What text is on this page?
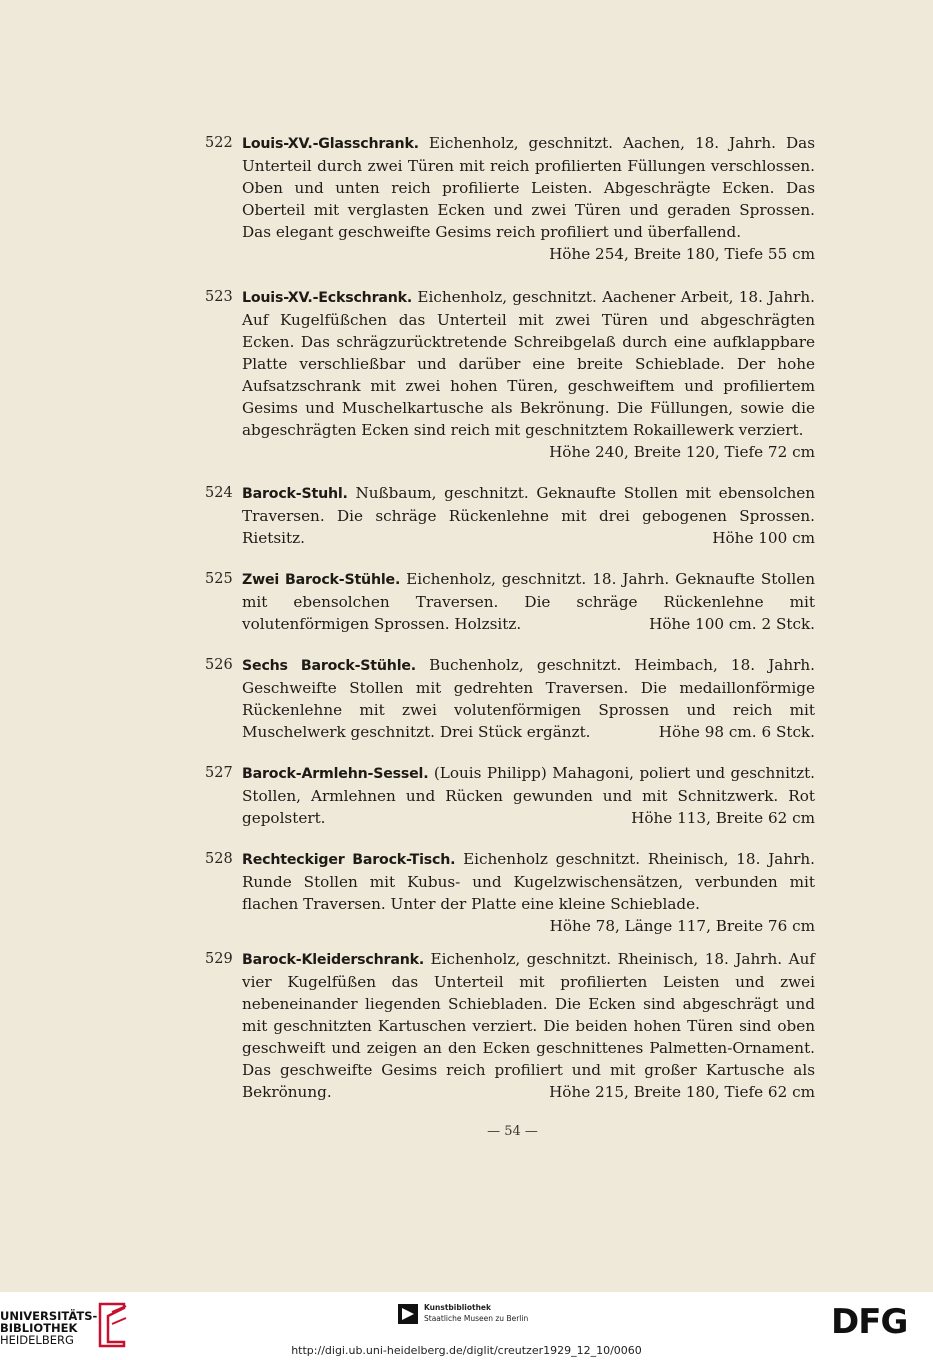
522 Louis-XV.-Glasschrank. Eichenholz, geschnitzt. Aachen, 18. Jahrh. Das Unterteil durch zwei Türen mit reich profilierten Füllungen verschlossen. Oben und unten reich profilierte Leisten. Abgeschrägte Ecken. Das Oberteil mit verglasten Ecken und zwei Türen und geraden Sprossen. Das elegant geschweifte Gesims reich profiliert und überfallend.
Höhe 254, Breite 180, Tiefe 55 cm
523 Louis-XV.-Eckschrank. Eichenholz, geschnitzt. Aachener Arbeit, 18. Jahrh. Auf Kugelfüßchen das Unterteil mit zwei Türen und abgeschrägten Ecken. Das schrägzurücktretende Schreibgelaß durch eine aufklappbare Platte verschließbar und darüber eine breite Schieblade. Der hohe Aufsatzschrank mit zwei hohen Türen, geschweiftem und profiliertem Gesims und Muschelkartusche als Bekrönung. Die Füllungen, sowie die abgeschrägten Ecken sind reich mit geschnitztem Rokaillewerk verziert.
Höhe 240, Breite 120, Tiefe 72 cm
524 Barock-Stuhl. Nußbaum, geschnitzt. Geknaufte Stollen mit ebensolchen Traversen. Die schräge Rückenlehne mit drei gebogenen Sprossen. Rietsitz.	Höhe 100 cm
525 Zwei Barock-Stühle. Eichenholz, geschnitzt. 18. Jahrh. Geknaufte Stollen mit ebensolchen Traversen. Die schräge Rückenlehne mit volutenförmigen Sprossen. Holzsitz.	Höhe 100 cm. 2 Stck.
526 Sechs Barock-Stühle. Buchenholz, geschnitzt. Heimbach, 18. Jahrh. Geschweifte Stollen mit gedrehten Traversen. Die medaillonförmige Rückenlehne mit zwei volutenförmigen Sprossen und reich mit Muschelwerk geschnitzt. Drei Stück ergänzt.	Höhe 98 cm. 6 Stck.
527 Barock-Armlehn-Sessel. (Louis Philipp) Mahagoni, poliert und geschnitzt. Stollen, Armlehnen und Rücken gewunden und mit Schnitzwerk. Rot gepolstert.	Höhe 113, Breite 62 cm
528 Rechteckiger Barock-Tisch. Eichenholz geschnitzt. Rheinisch, 18. Jahrh. Runde Stollen mit Kubus- und Kugelzwischensätzen, verbunden mit flachen Traversen. Unter der Platte eine kleine Schieblade.
Höhe 78, Länge 117, Breite 76 cm
529 Barock-Kleiderschrank. Eichenholz, geschnitzt. Rheinisch, 18. Jahrh. Auf vier Kugelfüßen das Unterteil mit profilierten Leisten und zwei nebeneinander liegenden Schiebladen. Die Ecken sind abgeschrägt und mit geschnitzten Kartuschen verziert. Die beiden hohen Türen sind oben geschweift und zeigen an den Ecken geschnittenes Palmetten-Ornament. Das geschweifte Gesims reich profiliert und mit großer Kartusche als Bekrönung.	Höhe 215, Breite 180, Tiefe 62 cm
— 54 —
UNIVERSITÄTS-
BIBLIOTHEK
HEIDELBERG
Kunstbibliothek
Staatliche Museen zu Berlin	DFG
http://digi.ub.uni-heidelberg.de/diglit/creutzer1929_12_10/0060
